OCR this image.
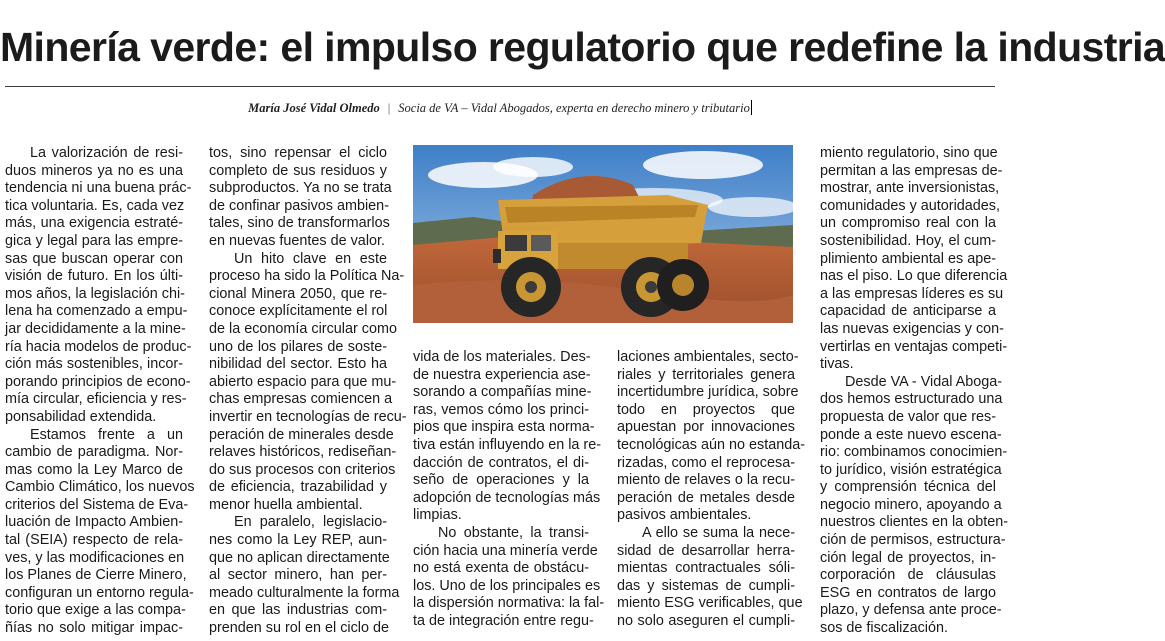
Minería verde: el impulso regulatorio que redefine la industria
María José Vidal Olmedo | Socia de VA – Vidal Abogados, experta en derecho minero y tributario
La valorización de resi-
duos mineros ya no es una
tendencia ni una buena prác-
tica voluntaria. Es, cada vez
más, una exigencia estraté-
gica y legal para las empre-
sas que buscan operar con
visión de futuro. En los últi-
mos años, la legislación chi-
lena ha comenzado a empu-
jar decididamente a la mine-
ría hacia modelos de produc-
ción más sostenibles, incor-
porando principios de econo-
mía circular, eficiencia y res-
ponsabilidad extendida.
Estamos frente a un
cambio de paradigma. Nor-
mas como la Ley Marco de
Cambio Climático, los nuevos
criterios del Sistema de Eva-
luación de Impacto Ambien-
tal (SEIA) respecto de rela-
ves, y las modificaciones en
los Planes de Cierre Minero,
configuran un entorno regula-
torio que exige a las compa-
ñías no solo mitigar impac-
tos, sino repensar el ciclo
completo de sus residuos y
subproductos. Ya no se trata
de confinar pasivos ambien-
tales, sino de transformarlos
en nuevas fuentes de valor.
Un hito clave en este
proceso ha sido la Política Na-
cional Minera 2050, que re-
conoce explícitamente el rol
de la economía circular como
uno de los pilares de soste-
nibilidad del sector. Esto ha
abierto espacio para que mu-
chas empresas comiencen a
invertir en tecnologías de recu-
peración de minerales desde
relaves históricos, rediseñan-
do sus procesos con criterios
de eficiencia, trazabilidad y
menor huella ambiental.
En paralelo, legislacio-
nes como la Ley REP, aun-
que no aplican directamente
al sector minero, han per-
meado culturalmente la forma
en que las industrias com-
prenden su rol en el ciclo de
vida de los materiales. Des-
de nuestra experiencia ase-
sorando a compañías mine-
ras, vemos cómo los princi-
pios que inspira esta norma-
tiva están influyendo en la re-
dacción de contratos, el di-
seño de operaciones y la
adopción de tecnologías más
limpias.
No obstante, la transi-
ción hacia una minería verde
no está exenta de obstácu-
los. Uno de los principales es
la dispersión normativa: la fal-
ta de integración entre regu-
laciones ambientales, secto-
riales y territoriales genera
incertidumbre jurídica, sobre
todo en proyectos que
apuestan por innovaciones
tecnológicas aún no estanda-
rizadas, como el reprocesa-
miento de relaves o la recu-
peración de metales desde
pasivos ambientales.
A ello se suma la nece-
sidad de desarrollar herra-
mientas contractuales sóli-
das y sistemas de cumpli-
miento ESG verificables, que
no solo aseguren el cumpli-
miento regulatorio, sino que
permitan a las empresas de-
mostrar, ante inversionistas,
comunidades y autoridades,
un compromiso real con la
sostenibilidad. Hoy, el cum-
plimiento ambiental es ape-
nas el piso. Lo que diferencia
a las empresas líderes es su
capacidad de anticiparse a
las nuevas exigencias y con-
vertirlas en ventajas competi-
tivas.
Desde VA - Vidal Aboga-
dos hemos estructurado una
propuesta de valor que res-
ponde a este nuevo escena-
rio: combinamos conocimien-
to jurídico, visión estratégica
y comprensión técnica del
negocio minero, apoyando a
nuestros clientes en la obten-
ción de permisos, estructura-
ción legal de proyectos, in-
corporación de cláusulas
ESG en contratos de largo
plazo, y defensa ante proce-
sos de fiscalización.
